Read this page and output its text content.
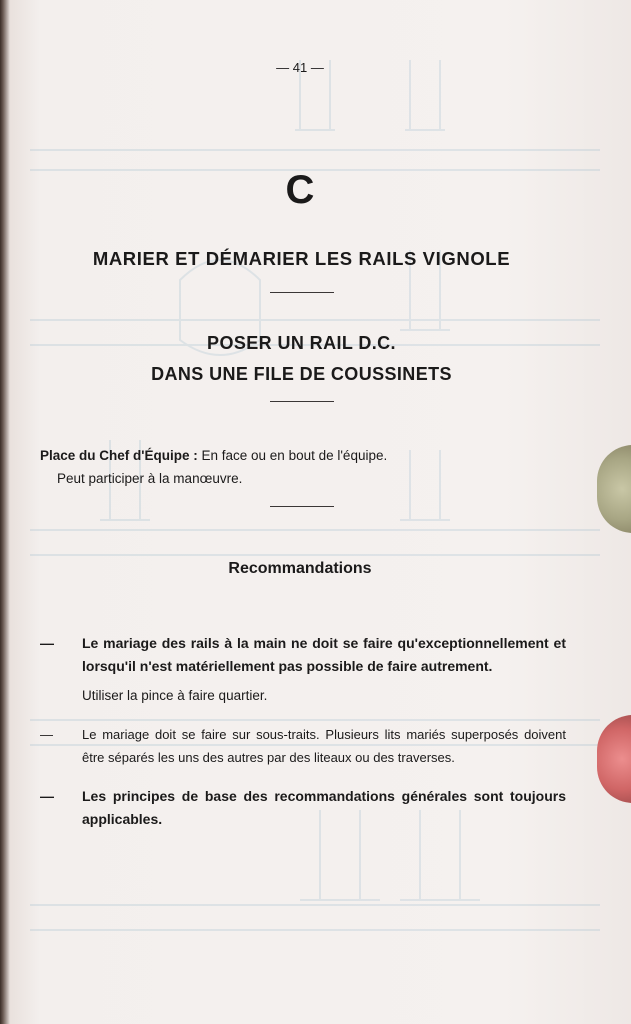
— 41 —
C
MARIER ET DÉMARIER LES RAILS VIGNOLE
POSER UN RAIL D.C.
DANS UNE FILE DE COUSSINETS
Place du Chef d'Équipe : En face ou en bout de l'équipe.
Peut participer à la manœuvre.
Recommandations
—	Le mariage des rails à la main ne doit se faire qu'exceptionnellement et lorsqu'il n'est matériellement pas possible de faire autrement.
Utiliser la pince à faire quartier.
—	Le mariage doit se faire sur sous-traits. Plusieurs lits mariés superposés doivent être séparés les uns des autres par des liteaux ou des traverses.
—	Les principes de base des recommandations générales sont toujours applicables.
